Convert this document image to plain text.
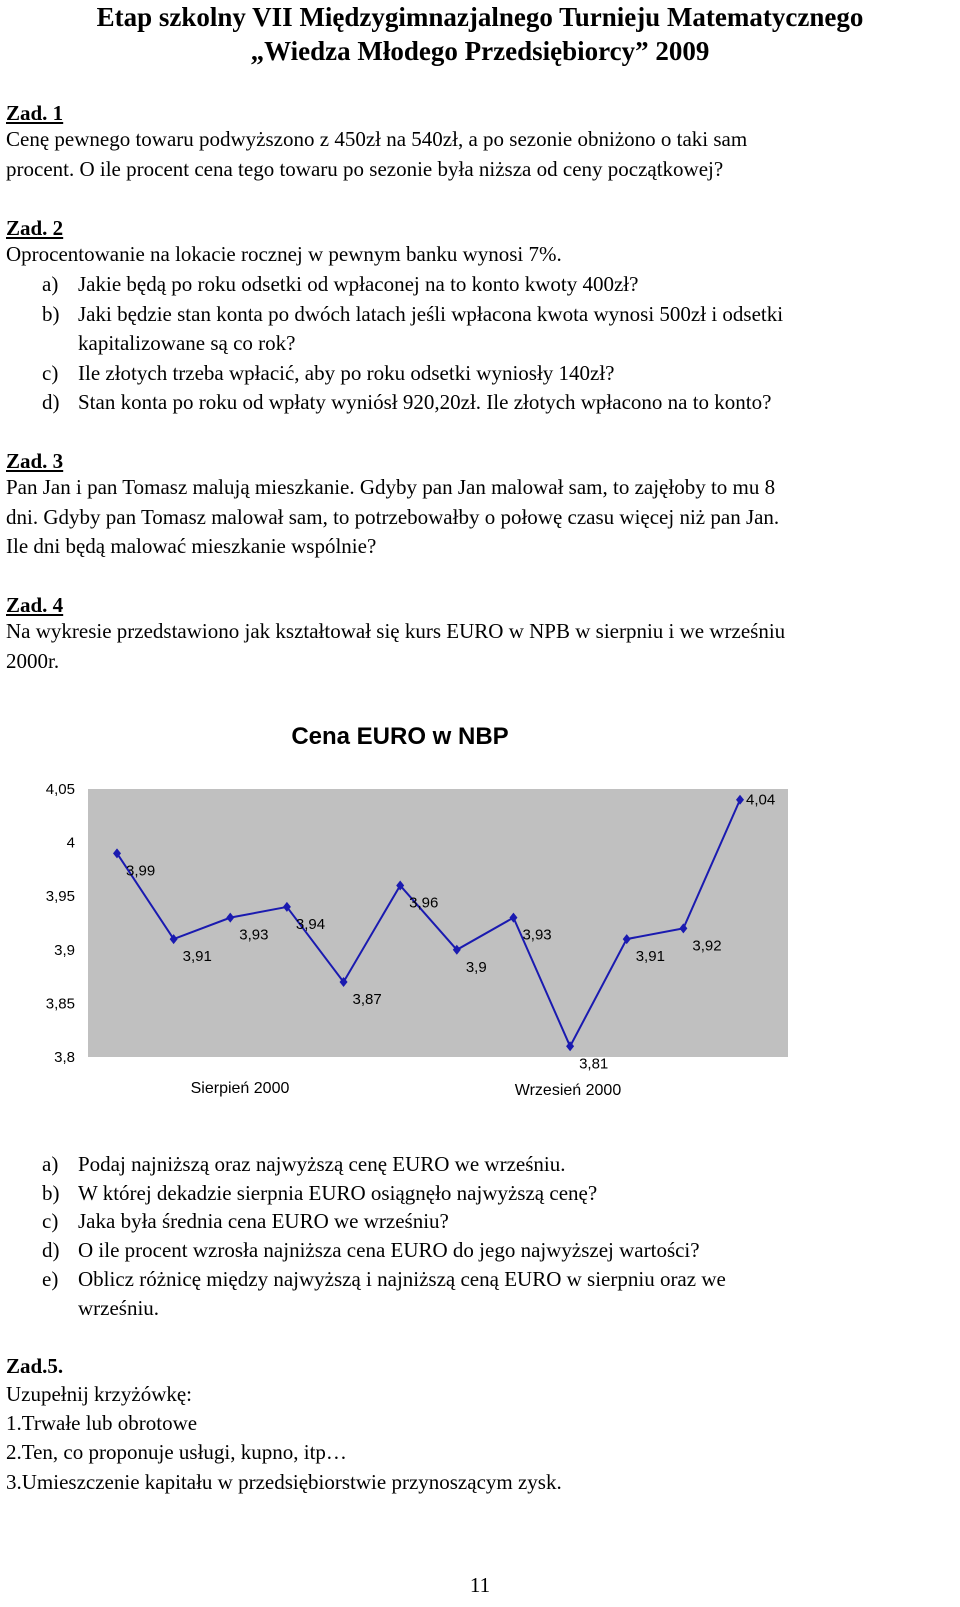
Etap szkolny VII Międzygimnazjalnego Turnieju Matematycznego
„Wiedza Młodego Przedsiębiorcy” 2009
Zad. 1
Cenę pewnego towaru podwyższono z 450zł na 540zł, a po sezonie obniżono o taki sam
procent. O ile procent cena tego towaru po sezonie była niższa od ceny początkowej?
Zad. 2
Oprocentowanie na lokacie rocznej w pewnym banku wynosi 7%.
a) Jakie będą po roku odsetki od wpłaconej na to konto kwoty 400zł?
b) Jaki będzie stan konta po dwóch latach jeśli wpłacona kwota wynosi 500zł i odsetki
kapitalizowane są co rok?
c) Ile złotych trzeba wpłacić, aby po roku odsetki wyniosły 140zł?
d) Stan konta po roku od wpłaty wyniósł 920,20zł. Ile złotych wpłacono na to konto?
Zad. 3
Pan Jan i pan Tomasz malują mieszkanie. Gdyby pan Jan malował sam, to zajęłoby to mu 8
dni. Gdyby pan Tomasz malował sam, to potrzebowałby o połowę czasu więcej niż pan Jan.
Ile dni będą malować mieszkanie wspólnie?
Zad. 4
Na wykresie przedstawiono jak kształtował się kurs EURO w NPB w sierpniu i we wrześniu
2000r.
Cena EURO w NBP
4,05
4
3,95
3,9
3,85
3,8
3,99
3,91
3,93
3,94
3,87
3,96
3,9
3,93
3,81
3,91
3,92
4,04
Sierpień 2000	Wrzesień 2000
a) Podaj najniższą oraz najwyższą cenę EURO we wrześniu.
b) W której dekadzie sierpnia EURO osiągnęło najwyższą cenę?
c) Jaka była średnia cena EURO we wrześniu?
d) O ile procent wzrosła najniższa cena EURO do jego najwyższej wartości?
e) Oblicz różnicę między najwyższą i najniższą ceną EURO w sierpniu oraz we
wrześniu.
Zad.5.
Uzupełnij krzyżówkę:
1.Trwałe lub obrotowe
2.Ten, co proponuje usługi, kupno, itp…
3.Umieszczenie kapitału w przedsiębiorstwie przynoszącym zysk.
11
